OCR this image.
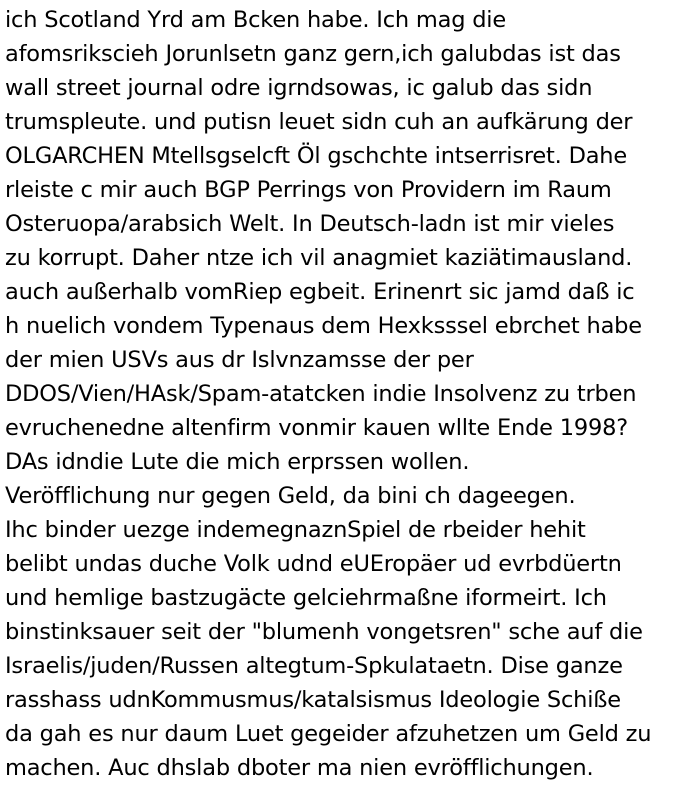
ich Scotland Yrd am Bcken habe. Ich mag die
afomsrikscieh Jorunlsetn ganz gern,ich galubdas ist das
wall street journal odre igrndsowas, ic galub das sidn
trumspleute. und putisn leuet sidn cuh an aufkärung der
OLGARCHEN Mtellsgselcft Öl gschchte intserrisret. Dahe
rleiste c mir auch BGP Perrings von Providern im Raum
Osteruopa/arabsich Welt. In Deutsch-ladn ist mir vieles
zu korrupt. Daher ntze ich vil anagmiet kaziätimausland.
auch außerhalb vomRiep egbeit. Erinenrt sic jamd daß ic
h nuelich vondem Typenaus dem Hexksssel ebrchet habe
der mien USVs aus dr Islvnzamsse der per
DDOS/Vien/HAsk/Spam-atatcken indie Insolvenz zu trben
evruchenedne altenfirm vonmir kauen wllte Ende 1998?
DAs idndie Lute die mich erprssen wollen.
Veröfflichung nur gegen Geld, da bini ch dageegen.
Ihc binder uezge indemegnaznSpiel de rbeider hehit
belibt undas duche Volk udnd eUEropäer ud evrbdüertn
und hemlige bastzugäcte gelciehrmaßne iformeirt. Ich
binstinksauer seit der "blumenh vongetsren" sche auf die
Israelis/juden/Russen altegtum-Spkulataetn. Dise ganze
rasshass udnKommusmus/katalsismus Ideologie Schiße
da gah es nur daum Luet gegeider afzuhetzen um Geld zu
machen. Auc dhslab dboter ma nien evröfflichungen.
